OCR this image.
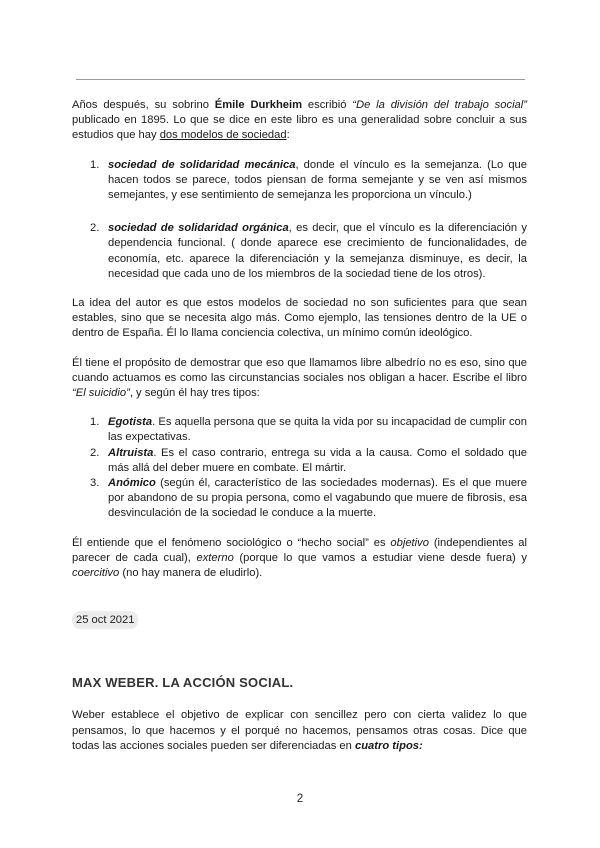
Años después, su sobrino Émile Durkheim escribió “De la división del trabajo social” publicado en 1895. Lo que se dice en este libro es una generalidad sobre concluir a sus estudios que hay dos modelos de sociedad:

1. sociedad de solidaridad mecánica, donde el vínculo es la semejanza. (Lo que hacen todos se parece, todos piensan de forma semejante y se ven así mismos semejantes, y ese sentimiento de semejanza les proporciona un vínculo.)
2. sociedad de solidaridad orgánica, es decir, que el vínculo es la diferenciación y dependencia funcional. ( donde aparece ese crecimiento de funcionalidades, de economía, etc. aparece la diferenciación y la semejanza disminuye, es decir, la necesidad que cada uno de los miembros de la sociedad tiene de los otros).

La idea del autor es que estos modelos de sociedad no son suficientes para que sean estables, sino que se necesita algo más. Como ejemplo, las tensiones dentro de la UE o dentro de España. Él lo llama conciencia colectiva, un mínimo común ideológico.

Él tiene el propósito de demostrar que eso que llamamos libre albedrío no es eso, sino que cuando actuamos es como las circunstancias sociales nos obligan a hacer. Escribe el libro “El suicidio”, y según él hay tres tipos:

1. Egotista. Es aquella persona que se quita la vida por su incapacidad de cumplir con las expectativas.
2. Altruista. Es el caso contrario, entrega su vida a la causa. Como el soldado que más allá del deber muere en combate. El mártir.
3. Anómico (según él, característico de las sociedades modernas). Es el que muere por abandono de su propia persona, como el vagabundo que muere de fibrosis, esa desvinculación de la sociedad le conduce a la muerte.

Él entiende que el fenómeno sociológico o “hecho social” es objetivo (independientes al parecer de cada cual), externo (porque lo que vamos a estudiar viene desde fuera) y coercitivo (no hay manera de eludirlo).

25 oct 2021
MAX WEBER. LA ACCIÓN SOCIAL.

Weber establece el objetivo de explicar con sencillez pero con cierta validez lo que pensamos, lo que hacemos y el porqué no hacemos, pensamos otras cosas. Dice que todas las acciones sociales pueden ser diferenciadas en cuatro tipos:

2
